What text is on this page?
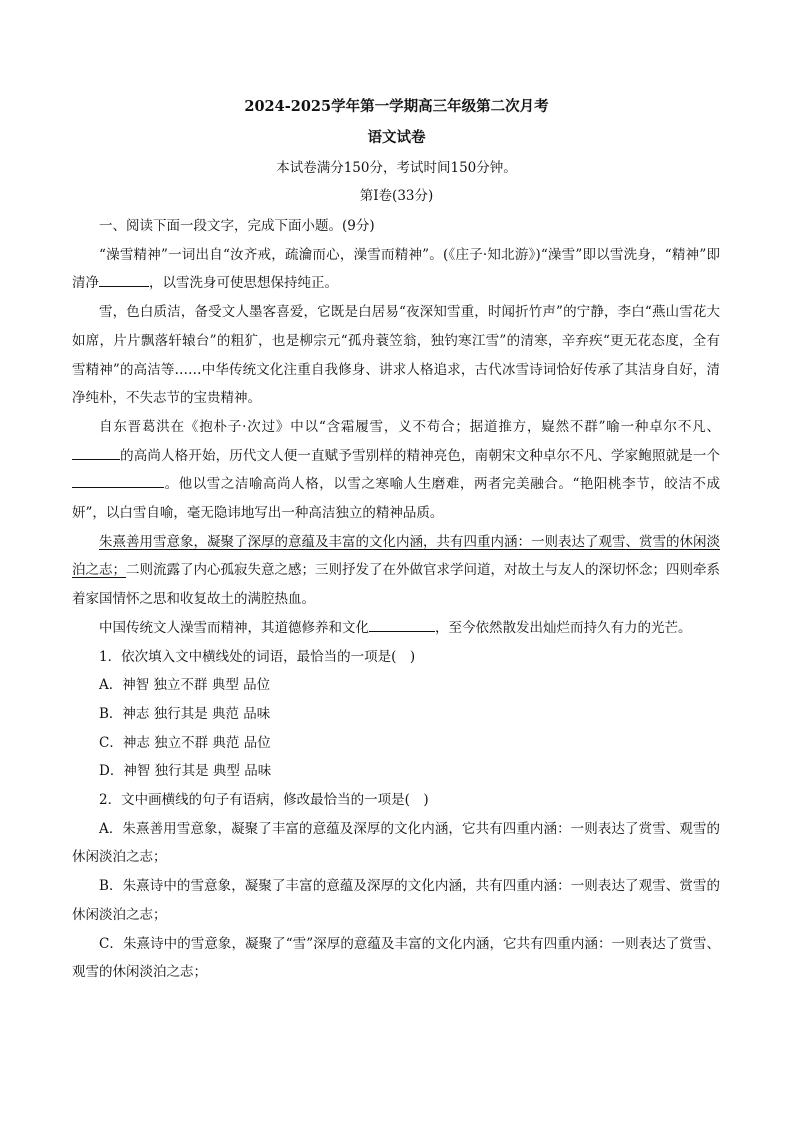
2024-2025学年第一学期高三年级第二次月考
语文试卷
本试卷满分150分，考试时间150分钟。
第Ⅰ卷(33分)

一、阅读下面一段文字，完成下面小题。(9分)

“澡雪精神”一词出自“汝齐戒，疏瀹而心，澡雪而精神”。(《庄子·知北游》)“澡雪”即以雪洗身，“精神”即清净	，以雪洗身可使思想保持纯正。

雪，色白质洁，备受文人墨客喜爱，它既是白居易“夜深知雪重，时闻折竹声”的宁静，李白“燕山雪花大如席，片片飘落轩辕台”的粗犷，也是柳宗元“孤舟蓑笠翁，独钓寒江雪”的清寒，辛弃疾“更无花态度，全有雪精神”的高洁等……中华传统文化注重自我修身、讲求人格追求，古代冰雪诗词恰好传承了其洁身自好，清净纯朴，不失志节的宝贵精神。

自东晋葛洪在《抱朴子·次过》中以“含霜履雪，义不苟合；据道推方，嶷然不群”喻一种卓尔不凡、的高尚人格开始，历代文人便一直赋予雪别样的精神亮色，南朝宋文种卓尔不凡、学家鲍照就是一个。他以雪之洁喻高尚人格，以雪之寒喻人生磨难，两者完美融合。“艳阳桃李节，皎洁不成妍”，以白雪自喻，毫无隐讳地写出一种高洁独立的精神品质。

朱熹善用雪意象，凝聚了深厚的意蕴及丰富的文化内涵，共有四重内涵：一则表达了观雪、赏雪的休闲淡泊之志；二则流露了内心孤寂失意之感；三则抒发了在外做官求学问道，对故土与友人的深切怀念；四则牵系着家国情怀之思和收复故土的满腔热血。

中国传统文人澡雪而精神，其道德修养和文化	，至今依然散发出灿烂而持久有力的光芒。

1．依次填入文中横线处的词语，最恰当的一项是(　)

A．神智 独立不群 典型 品位

B．神志 独行其是 典范 品味

C．神志 独立不群 典范 品位

D．神智 独行其是 典型 品味

2．文中画横线的句子有语病，修改最恰当的一项是(　)

A．朱熹善用雪意象，凝聚了丰富的意蕴及深厚的文化内涵，它共有四重内涵：一则表达了赏雪、观雪的休闲淡泊之志；

B．朱熹诗中的雪意象，凝聚了丰富的意蕴及深厚的文化内涵，共有四重内涵：一则表达了观雪、赏雪的休闲淡泊之志；

C．朱熹诗中的雪意象，凝聚了“雪”深厚的意蕴及丰富的文化内涵，它共有四重内涵：一则表达了赏雪、观雪的休闲淡泊之志；
